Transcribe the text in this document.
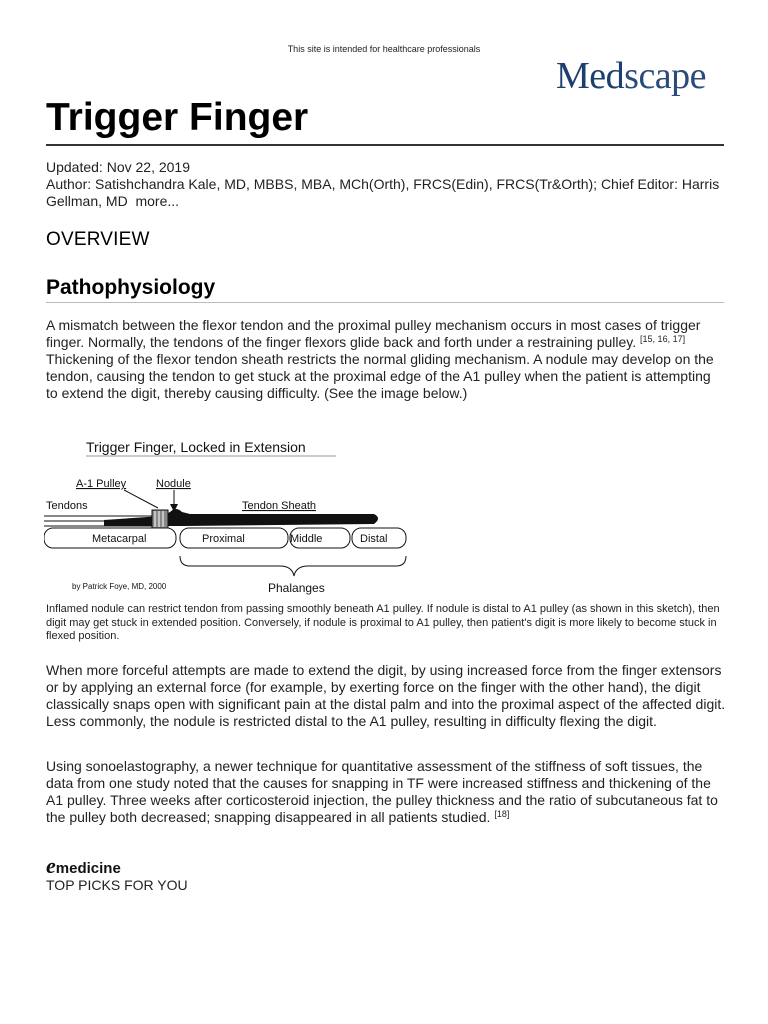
This site is intended for healthcare professionals
Medscape
Trigger Finger
Updated: Nov 22, 2019
Author: Satishchandra Kale, MD, MBBS, MBA, MCh(Orth), FRCS(Edin), FRCS(Tr&Orth); Chief Editor: Harris Gellman, MD more...
OVERVIEW
Pathophysiology
A mismatch between the flexor tendon and the proximal pulley mechanism occurs in most cases of trigger finger. Normally, the tendons of the finger flexors glide back and forth under a restraining pulley. [15, 16, 17] Thickening of the flexor tendon sheath restricts the normal gliding mechanism. A nodule may develop on the tendon, causing the tendon to get stuck at the proximal edge of the A1 pulley when the patient is attempting to extend the digit, thereby causing difficulty. (See the image below.)
Trigger Finger, Locked in Extension
A-1 Pulley	Nodule
Tendons	Tendon Sheath
Metacarpal	Proximal	Middle	Distal
by Patrick Foye, MD, 2000	Phalanges
Inflamed nodule can restrict tendon from passing smoothly beneath A1 pulley. If nodule is distal to A1 pulley (as shown in this sketch), then digit may get stuck in extended position. Conversely, if nodule is proximal to A1 pulley, then patient's digit is more likely to become stuck in flexed position.
When more forceful attempts are made to extend the digit, by using increased force from the finger extensors or by applying an external force (for example, by exerting force on the finger with the other hand), the digit classically snaps open with significant pain at the distal palm and into the proximal aspect of the affected digit. Less commonly, the nodule is restricted distal to the A1 pulley, resulting in difficulty flexing the digit.
Using sonoelastography, a newer technique for quantitative assessment of the stiffness of soft tissues, the data from one study noted that the causes for snapping in TF were increased stiffness and thickening of the A1 pulley. Three weeks after corticosteroid injection, the pulley thickness and the ratio of subcutaneous fat to the pulley both decreased; snapping disappeared in all patients studied. [18]
emedicine
TOP PICKS FOR YOU
